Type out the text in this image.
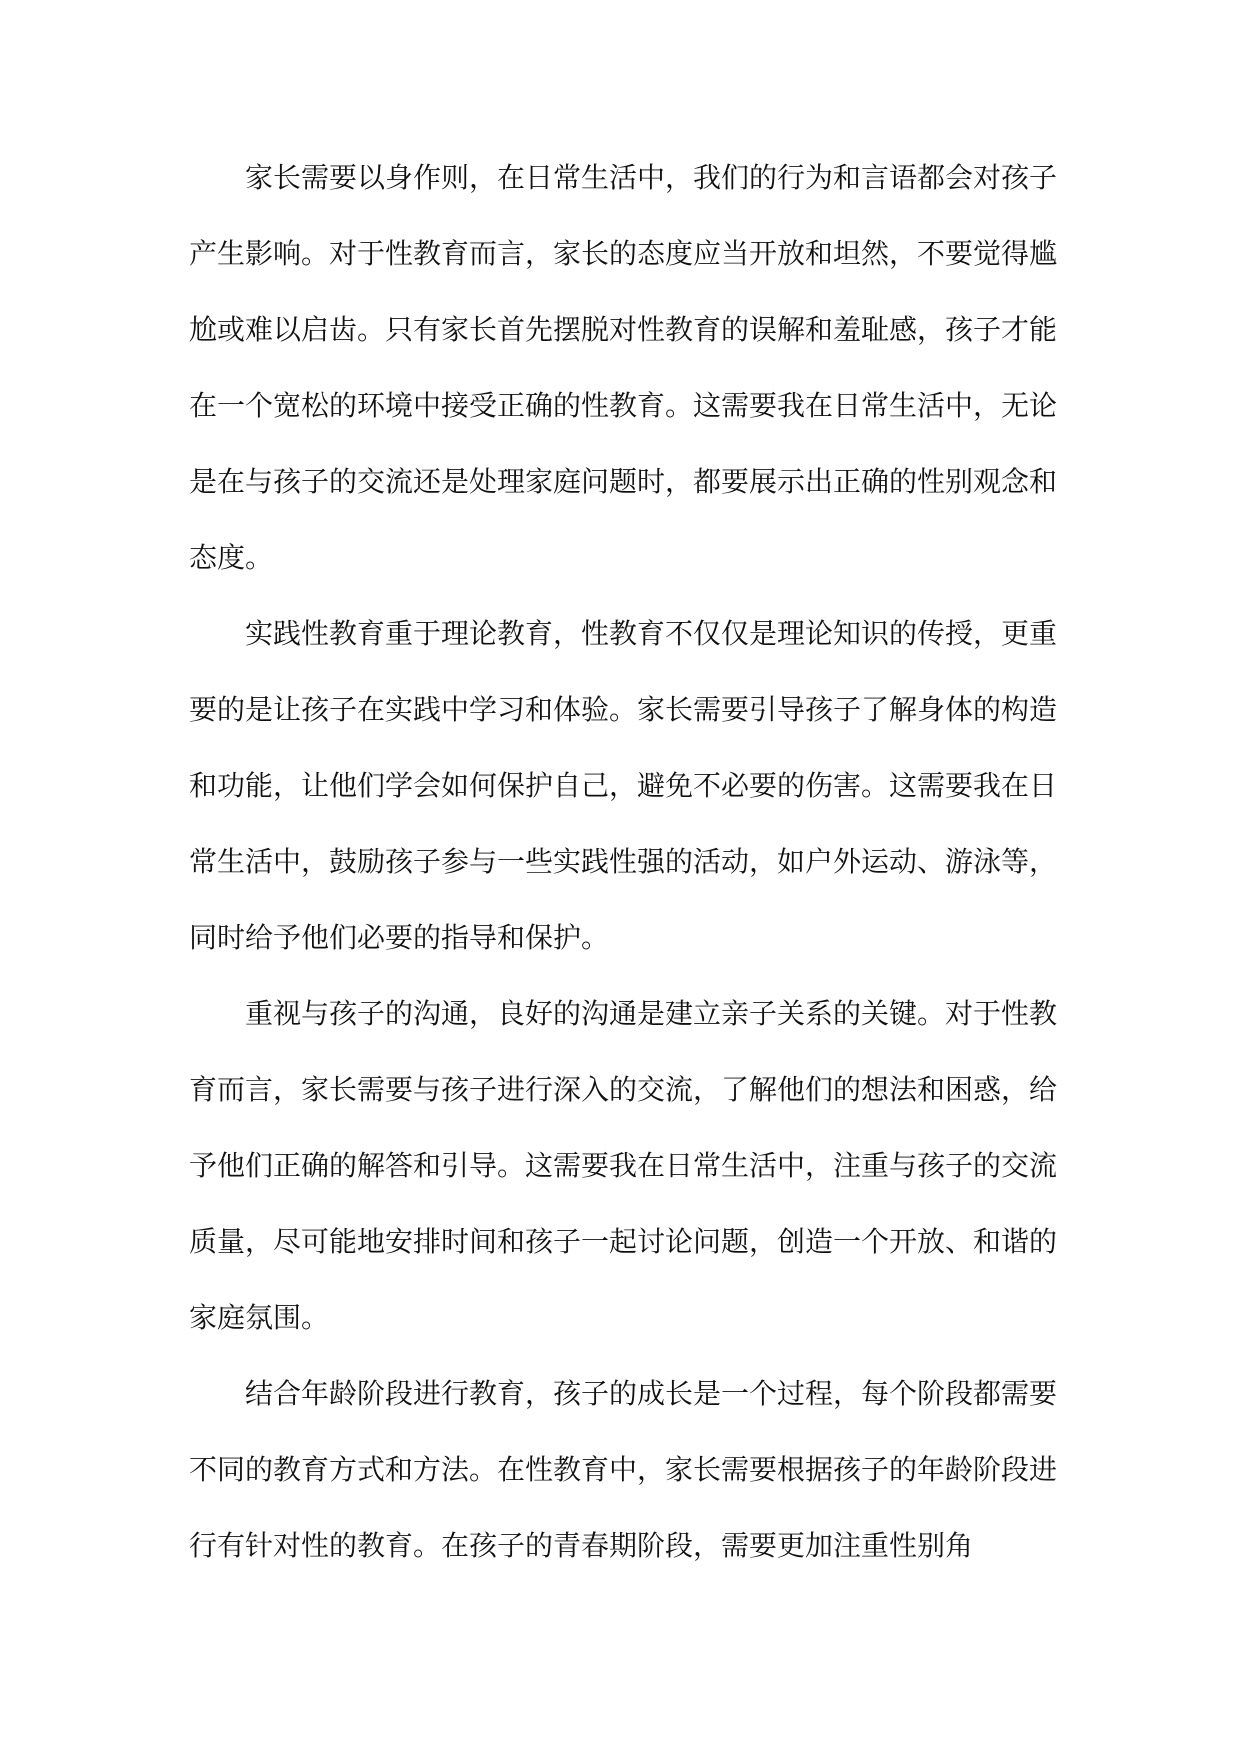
家长需要以身作则，在日常生活中，我们的行为和言语都会对孩子产生影响。对于性教育而言，家长的态度应当开放和坦然，不要觉得尴尬或难以启齿。只有家长首先摆脱对性教育的误解和羞耻感，孩子才能在一个宽松的环境中接受正确的性教育。这需要我在日常生活中，无论是在与孩子的交流还是处理家庭问题时，都要展示出正确的性别观念和态度。

实践性教育重于理论教育，性教育不仅仅是理论知识的传授，更重要的是让孩子在实践中学习和体验。家长需要引导孩子了解身体的构造和功能，让他们学会如何保护自己，避免不必要的伤害。这需要我在日常生活中，鼓励孩子参与一些实践性强的活动，如户外运动、游泳等，同时给予他们必要的指导和保护。

重视与孩子的沟通，良好的沟通是建立亲子关系的关键。对于性教育而言，家长需要与孩子进行深入的交流，了解他们的想法和困惑，给予他们正确的解答和引导。这需要我在日常生活中，注重与孩子的交流质量，尽可能地安排时间和孩子一起讨论问题，创造一个开放、和谐的家庭氛围。

结合年龄阶段进行教育，孩子的成长是一个过程，每个阶段都需要不同的教育方式和方法。在性教育中，家长需要根据孩子的年龄阶段进行有针对性的教育。在孩子的青春期阶段，需要更加注重性别角
